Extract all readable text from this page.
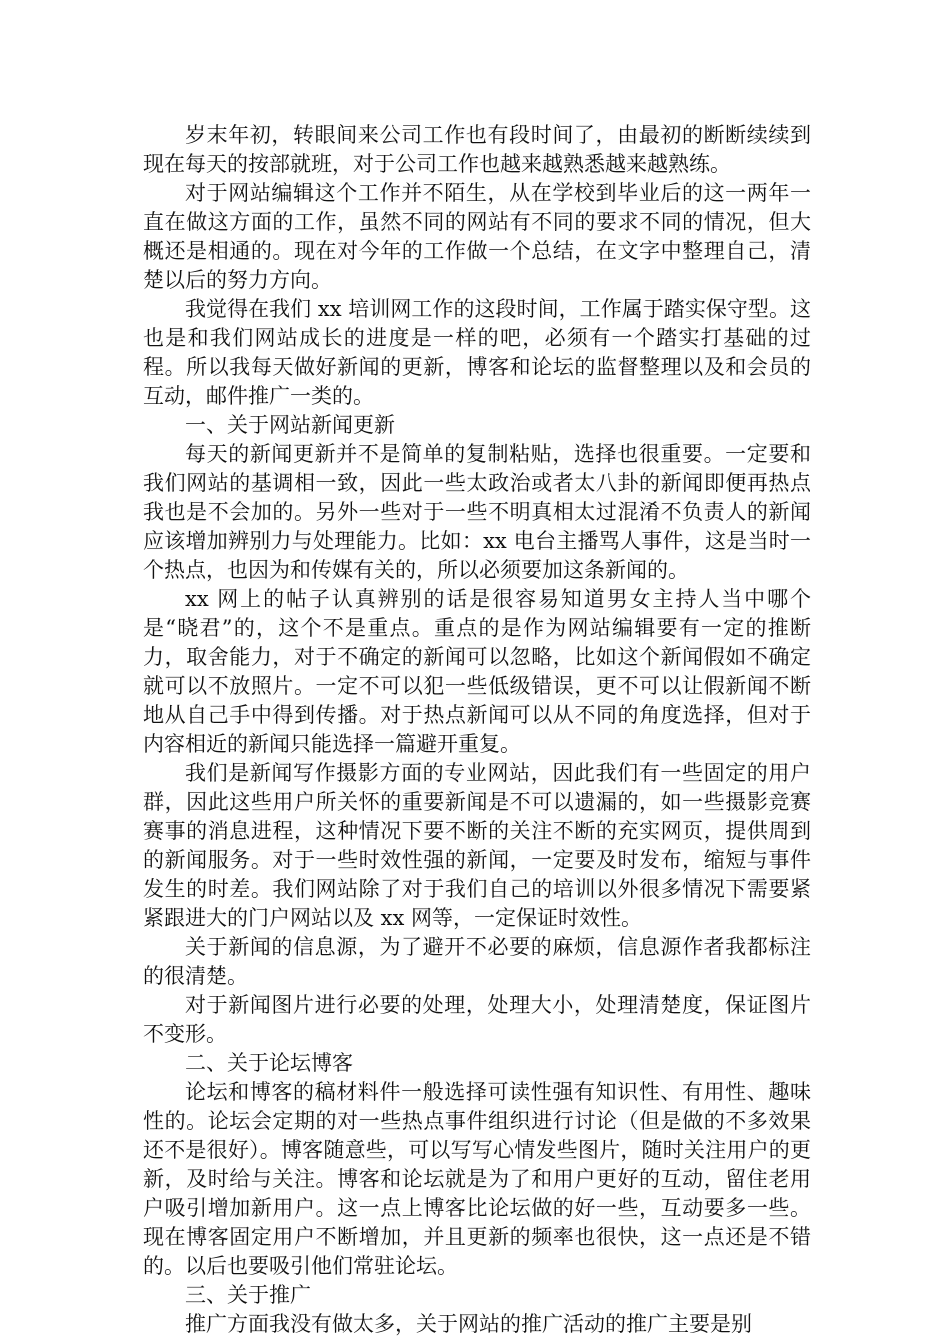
岁末年初，转眼间来公司工作也有段时间了，由最初的断断续续到现在每天的按部就班，对于公司工作也越来越熟悉越来越熟练。

对于网站编辑这个工作并不陌生，从在学校到毕业后的这一两年一直在做这方面的工作，虽然不同的网站有不同的要求不同的情况，但大概还是相通的。现在对今年的工作做一个总结，在文字中整理自己，清楚以后的努力方向。

我觉得在我们 xx 培训网工作的这段时间，工作属于踏实保守型。这也是和我们网站成长的进度是一样的吧，必须有一个踏实打基础的过程。所以我每天做好新闻的更新，博客和论坛的监督整理以及和会员的互动，邮件推广一类的。

一、关于网站新闻更新

每天的新闻更新并不是简单的复制粘贴，选择也很重要。一定要和我们网站的基调相一致，因此一些太政治或者太八卦的新闻即便再热点我也是不会加的。另外一些对于一些不明真相太过混淆不负责人的新闻应该增加辨别力与处理能力。比如：xx 电台主播骂人事件，这是当时一个热点，也因为和传媒有关的，所以必须要加这条新闻的。

xx 网上的帖子认真辨别的话是很容易知道男女主持人当中哪个是“晓君”的，这个不是重点。重点的是作为网站编辑要有一定的推断力，取舍能力，对于不确定的新闻可以忽略，比如这个新闻假如不确定就可以不放照片。一定不可以犯一些低级错误，更不可以让假新闻不断地从自己手中得到传播。对于热点新闻可以从不同的角度选择，但对于内容相近的新闻只能选择一篇避开重复。

我们是新闻写作摄影方面的专业网站，因此我们有一些固定的用户群，因此这些用户所关怀的重要新闻是不可以遗漏的，如一些摄影竞赛赛事的消息进程，这种情况下要不断的关注不断的充实网页，提供周到的新闻服务。对于一些时效性强的新闻，一定要及时发布，缩短与事件发生的时差。我们网站除了对于我们自己的培训以外很多情况下需要紧紧跟进大的门户网站以及 xx 网等，一定保证时效性。

关于新闻的信息源，为了避开不必要的麻烦，信息源作者我都标注的很清楚。

对于新闻图片进行必要的处理，处理大小，处理清楚度，保证图片不变形。

二、关于论坛博客

论坛和博客的稿材料件一般选择可读性强有知识性、有用性、趣味性的。论坛会定期的对一些热点事件组织进行讨论（但是做的不多效果还不是很好）。博客随意些，可以写写心情发些图片，随时关注用户的更新，及时给与关注。博客和论坛就是为了和用户更好的互动，留住老用户吸引增加新用户。这一点上博客比论坛做的好一些，互动要多一些。现在博客固定用户不断增加，并且更新的频率也很快，这一点还是不错的。以后也要吸引他们常驻论坛。

三、关于推广

推广方面我没有做太多，关于网站的推广活动的推广主要是别
